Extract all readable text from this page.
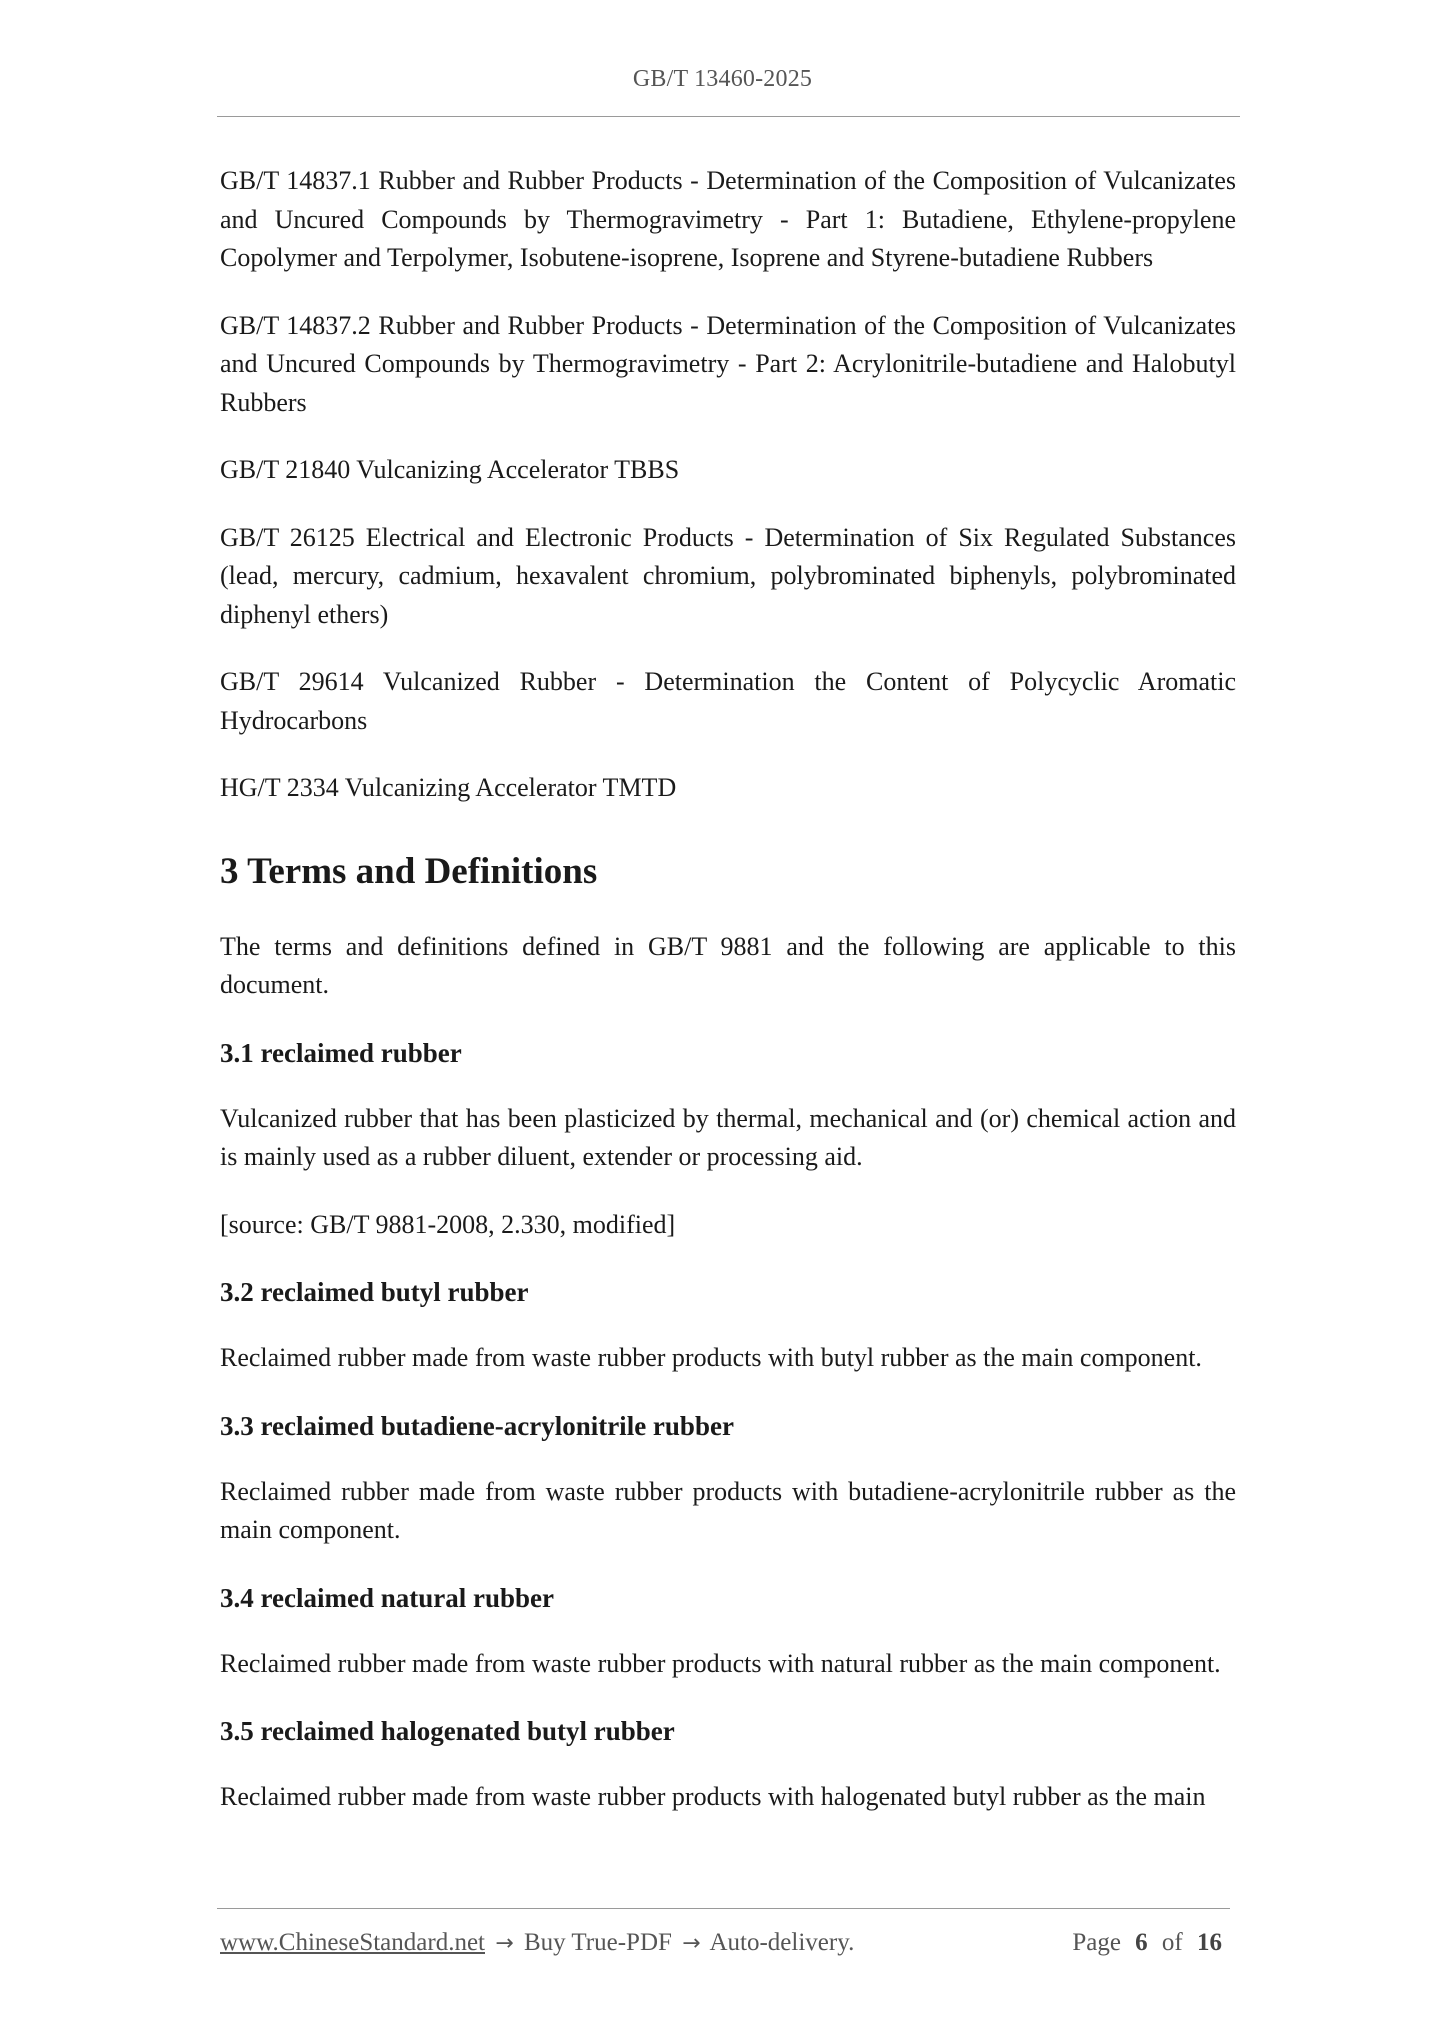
GB/T 13460-2025

GB/T 14837.1 Rubber and Rubber Products - Determination of the Composition of Vulcanizates and Uncured Compounds by Thermogravimetry - Part 1: Butadiene, Ethylene-propylene Copolymer and Terpolymer, Isobutene-isoprene, Isoprene and Styrene-butadiene Rubbers

GB/T 14837.2 Rubber and Rubber Products - Determination of the Composition of Vulcanizates and Uncured Compounds by Thermogravimetry - Part 2: Acrylonitrile-butadiene and Halobutyl Rubbers

GB/T 21840 Vulcanizing Accelerator TBBS

GB/T 26125 Electrical and Electronic Products - Determination of Six Regulated Substances (lead, mercury, cadmium, hexavalent chromium, polybrominated biphenyls, polybrominated diphenyl ethers)

GB/T 29614 Vulcanized Rubber - Determination the Content of Polycyclic Aromatic Hydrocarbons

HG/T 2334 Vulcanizing Accelerator TMTD

3 Terms and Definitions

The terms and definitions defined in GB/T 9881 and the following are applicable to this document.

3.1 reclaimed rubber

Vulcanized rubber that has been plasticized by thermal, mechanical and (or) chemical action and is mainly used as a rubber diluent, extender or processing aid.

[source: GB/T 9881-2008, 2.330, modified]

3.2 reclaimed butyl rubber

Reclaimed rubber made from waste rubber products with butyl rubber as the main component.

3.3 reclaimed butadiene-acrylonitrile rubber

Reclaimed rubber made from waste rubber products with butadiene-acrylonitrile rubber as the main component.

3.4 reclaimed natural rubber

Reclaimed rubber made from waste rubber products with natural rubber as the main component.

3.5 reclaimed halogenated butyl rubber

Reclaimed rubber made from waste rubber products with halogenated butyl rubber as the main

www.ChineseStandard.net → Buy True-PDF → Auto-delivery.	Page 6 of 16
